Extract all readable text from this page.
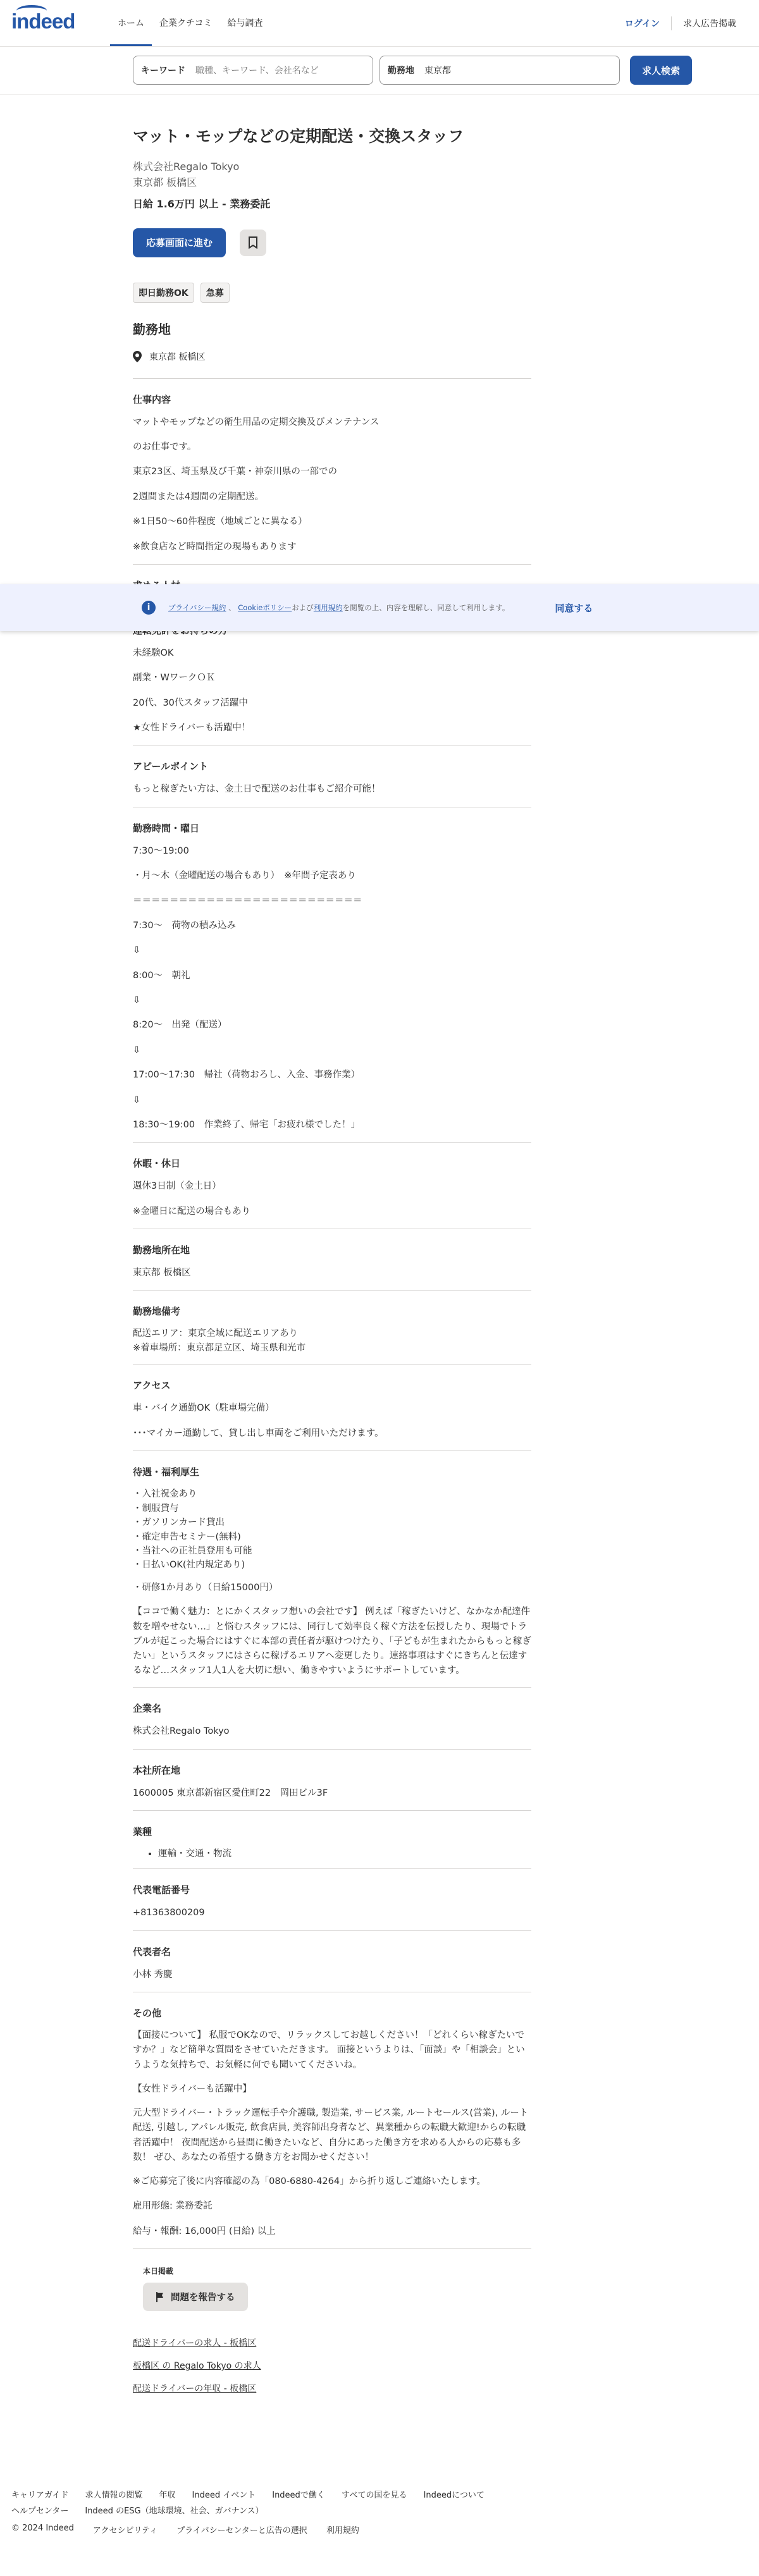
indeed	ホーム	企業クチコミ	給与調査	ログイン	求人広告掲載
キーワード 職種、キーワード、会社名など	勤務地 東京都	求人検索
マット・モップなどの定期配送・交換スタッフ
株式会社Regalo Tokyo
東京都 板橋区
日給 1.6万円 以上 - 業務委託
応募画面に進む
即日勤務OK	急募
勤務地
東京都 板橋区
仕事内容

マットやモップなどの衛生用品の定期交換及びメンテナンス

のお仕事です。

東京23区、埼玉県及び千葉・神奈川県の一部での

2週間または4週間の定期配送。

※1日50～60件程度（地域ごとに異なる）

※飲食店など時間指定の現場もあります

未経験OK

副業・WワークＯＫ

20代、30代スタッフ活躍中

★女性ドライバーも活躍中！

アピールポイント

もっと稼ぎたい方は、金土日で配送のお仕事もご紹介可能！

勤務時間・曜日

7:30～19:00

・月～木（金曜配送の場合もあり）　※年間予定表あり

＝＝＝＝＝＝＝＝＝＝＝＝＝＝＝＝＝＝＝＝＝＝＝＝＝

7:30～　荷物の積み込み

⇩

8:00～　朝礼

⇩

8:20～　出発（配送）

⇩

17:00～17:30　帰社（荷物おろし、入金、事務作業）

⇩

18:30～19:00　作業終了、帰宅「お疲れ様でした！」

休暇・休日

週休3日制（金土日）

※金曜日に配送の場合もあり

勤務地所在地

東京都 板橋区

勤務地備考

配送エリア：東京全域に配送エリアあり

※着車場所：東京都足立区、埼玉県和光市

アクセス

車・バイク通勤OK（駐車場完備）

･･･マイカー通勤して、貸し出し車両をご利用いただけます。

待遇・福利厚生
・入社祝金あり
・制服貸与
・ガソリンカード貸出
・確定申告セミナー(無料)
・当社への正社員登用も可能
・日払いOK(社内規定あり)

・研修1か月あり（日給15000円）

【ココで働く魅力：とにかくスタッフ想いの会社です】 例えば「稼ぎたいけど、なかなか配達件数を増やせない…」と悩むスタッフには、同行して効率良く稼ぐ方法を伝授したり、現場でトラブルが起こった場合にはすぐに本部の責任者が駆けつけたり、「子どもが生まれたからもっと稼ぎたい」というスタッフにはさらに稼げるエリアへ変更したり。連絡事項はすぐにきちんと伝達するなど…スタッフ1人1人を大切に想い、働きやすいようにサポートしています。

企業名

株式会社Regalo Tokyo

本社所在地

1600005 東京都新宿区愛住町22　岡田ビル3F

業種
• 運輸・交通・物流
代表電話番号

+81363800209

代表者名

小林 秀慶

その他

【面接について】 私服でOKなので、リラックスしてお越しください！「どれくらい稼ぎたいですか？」など簡単な質問をさせていただきます。 面接というよりは、「面談」や「相談会」というような気持ちで、お気軽に何でも聞いてくださいね。

【女性ドライバーも活躍中】

元大型ドライバー・トラック運転手や介護職, 製造業, サービス業, ルートセールス(営業), ルート配送, 引越し, アパレル販売, 飲食店員, 美容師出身者など、異業種からの転職大歓迎!からの転職者活躍中！ 夜間配送から昼間に働きたいなど、自分にあった働き方を求める人からの応募も多数！ ぜひ、あなたの希望する働き方をお聞かせください！

※ご応募完了後に内容確認の為「080-6880-4264」から折り返しご連絡いたします。

雇用形態: 業務委託

給与・報酬: 16,000円 (日給) 以上

本日掲載
問題を報告する
配送ドライバーの求人 - 板橋区
板橋区 の Regalo Tokyo の求人
配送ドライバーの年収 - 板橋区
キャリアガイド 求人情報の閲覧 年収 Indeed イベント Indeedで働く すべての国を見る Indeedについて
ヘルプセンター Indeed のESG（地球環境、社会、ガバナンス）
© 2024 Indeed アクセシビリティ プライバシーセンターと広告の選択 利用規約
i	プライバシー規約 、 Cookieポリシーおよび利用規約を閲覧の上、内容を理解し、同意して利用します。	同意する
